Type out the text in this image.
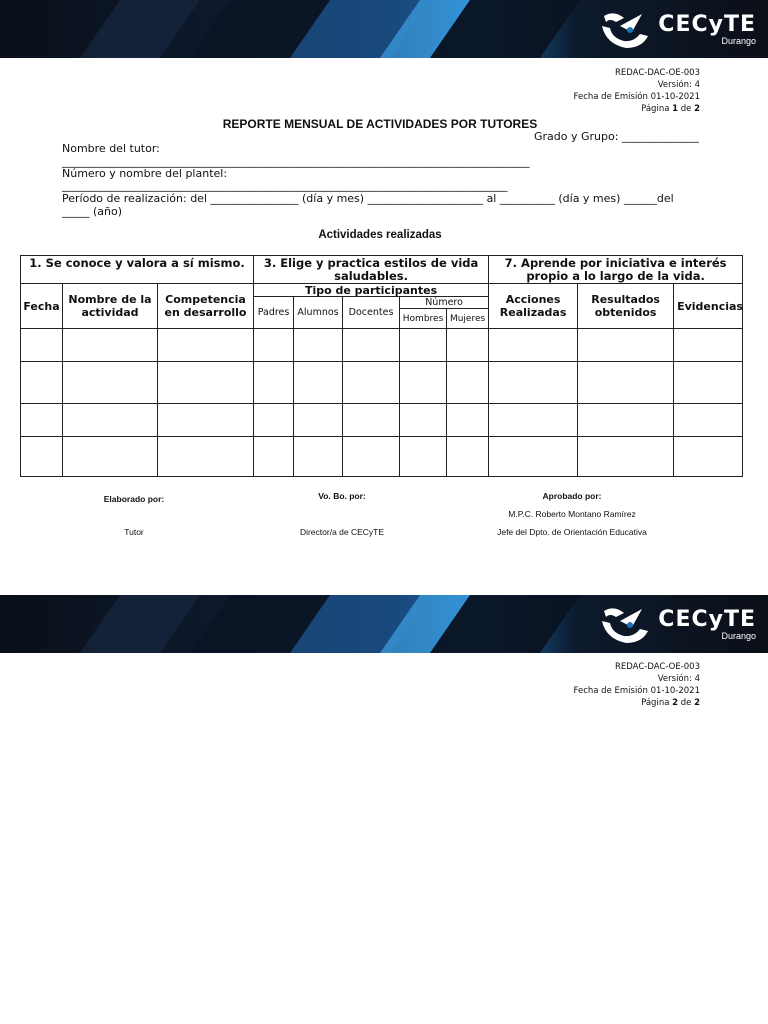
CECyTE
Durango
REDAC-DAC-OE-003
Versión: 4
Fecha de Emisión 01-10-2021
Página 1 de 2
REPORTE MENSUAL DE ACTIVIDADES POR TUTORES
Grado y Grupo: ______________
Nombre del tutor:
_____________________________________________________________________________________
Número y nombre del plantel:
_________________________________________________________________________________
Período de realización: del ________________ (día y mes) _____________________ al __________ (día y mes) ______del
_____ (año)
Actividades realizadas
1. Se conoce y valora a sí mismo.			3. Elige y practica estilos de vida saludables.					7. Aprende por iniciativa e interés propio a lo largo de la vida.		
Fecha	Nombre de la actividad	Competencia en desarrollo	Tipo de participantes					Acciones Realizadas	Resultados obtenidos	Evidencias
			Padres	Alumnos	Docentes	Número				
						Hombres	Mujeres			

Elaborado por:	Vo. Bo. por:	Aprobado por:
M.P.C. Roberto Montano Ramírez
Tutor	Director/a de CECyTE	Jefe del Dpto. de Orientación Educativa
CECyTE
Durango
REDAC-DAC-OE-003
Versión: 4
Fecha de Emisión 01-10-2021
Página 2 de 2
